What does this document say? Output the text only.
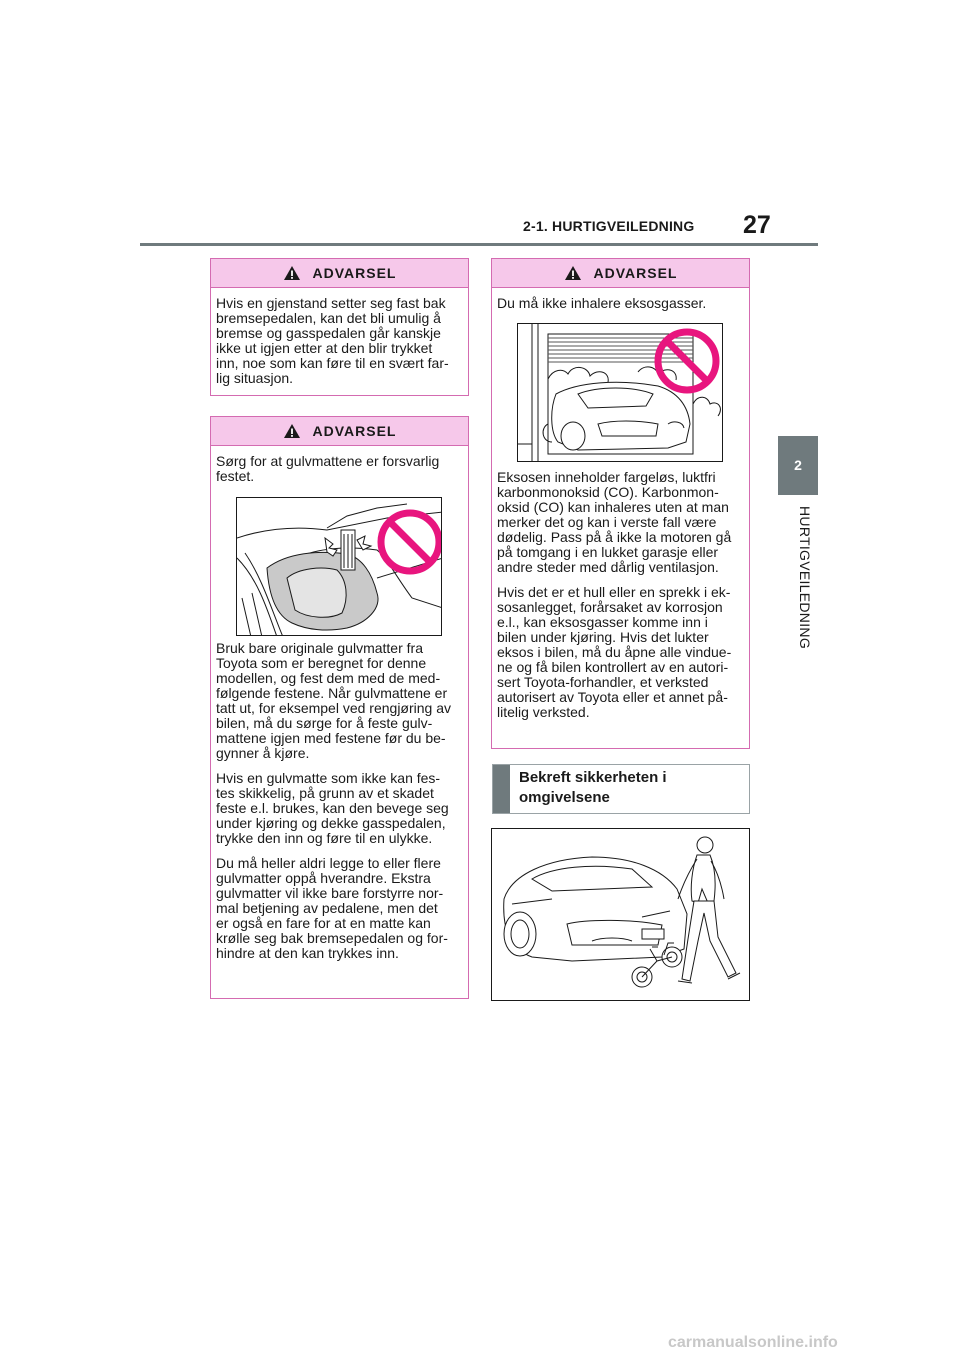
2-1. HURTIGVEILEDNING 27
2
HURTIGVEILEDNING
ADVARSEL

Hvis en gjenstand setter seg fast bak
bremsepedalen, kan det bli umulig å
bremse og gasspedalen går kanskje
ikke ut igjen etter at den blir trykket
inn, noe som kan føre til en svært far-
lig situasjon.

ADVARSEL

Sørg for at gulvmattene er forsvarlig
festet.

Bruk bare originale gulvmatter fra
Toyota som er beregnet for denne
modellen, og fest dem med de med-
følgende festene. Når gulvmattene er
tatt ut, for eksempel ved rengjøring av
bilen, må du sørge for å feste gulv-
mattene igjen med festene før du be-
gynner å kjøre.

Hvis en gulvmatte som ikke kan fes-
tes skikkelig, på grunn av et skadet
feste e.l. brukes, kan den bevege seg
under kjøring og dekke gasspedalen,
trykke den inn og føre til en ulykke.

Du må heller aldri legge to eller flere
gulvmatter oppå hverandre. Ekstra
gulvmatter vil ikke bare forstyrre nor-
mal betjening av pedalene, men det
er også en fare for at en matte kan
krølle seg bak bremsepedalen og for-
hindre at den kan trykkes inn.

ADVARSEL

Du må ikke inhalere eksosgasser.

Eksosen inneholder fargeløs, luktfri
karbonmonoksid (CO). Karbonmon-
oksid (CO) kan inhaleres uten at man
merker det og kan i verste fall være
dødelig. Pass på å ikke la motoren gå
på tomgang i en lukket garasje eller
andre steder med dårlig ventilasjon.

Hvis det er et hull eller en sprekk i ek-
sosanlegget, forårsaket av korrosjon
e.l., kan eksosgasser komme inn i
bilen under kjøring. Hvis det lukter
eksos i bilen, må du åpne alle vindue-
ne og få bilen kontrollert av en autori-
sert Toyota-forhandler, et verksted
autorisert av Toyota eller et annet på-
litelig verksted.

Bekreft sikkerheten i
omgivelsene
carmanualsonline.info
